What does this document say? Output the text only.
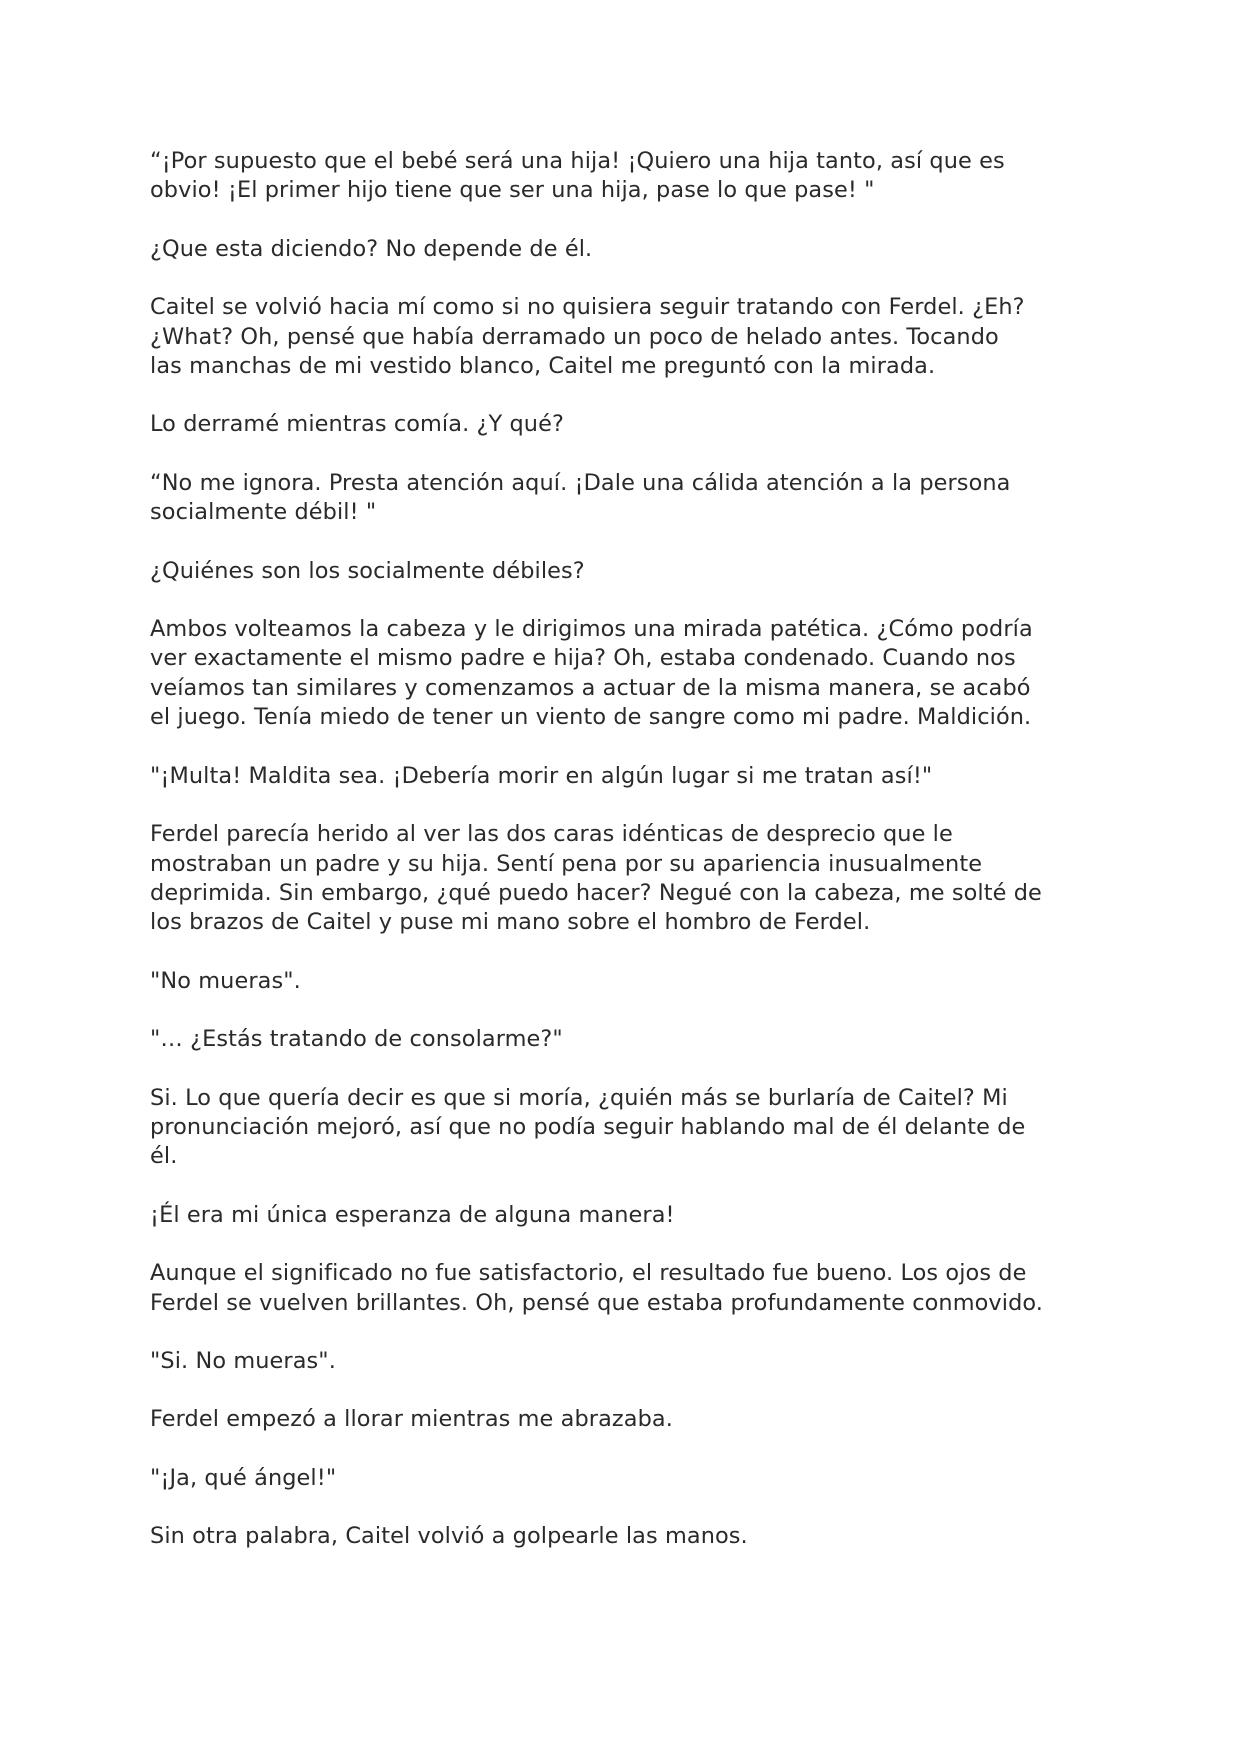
“¡Por supuesto que el bebé será una hija! ¡Quiero una hija tanto, así que es
obvio! ¡El primer hijo tiene que ser una hija, pase lo que pase! "

¿Que esta diciendo? No depende de él.

Caitel se volvió hacia mí como si no quisiera seguir tratando con Ferdel. ¿Eh?
¿What? Oh, pensé que había derramado un poco de helado antes. Tocando
las manchas de mi vestido blanco, Caitel me preguntó con la mirada.

Lo derramé mientras comía. ¿Y qué?

“No me ignora. Presta atención aquí. ¡Dale una cálida atención a la persona
socialmente débil! "

¿Quiénes son los socialmente débiles?

Ambos volteamos la cabeza y le dirigimos una mirada patética. ¿Cómo podría
ver exactamente el mismo padre e hija? Oh, estaba condenado. Cuando nos
veíamos tan similares y comenzamos a actuar de la misma manera, se acabó
el juego. Tenía miedo de tener un viento de sangre como mi padre. Maldición.

"¡Multa! Maldita sea. ¡Debería morir en algún lugar si me tratan así!"

Ferdel parecía herido al ver las dos caras idénticas de desprecio que le
mostraban un padre y su hija. Sentí pena por su apariencia inusualmente
deprimida. Sin embargo, ¿qué puedo hacer? Negué con la cabeza, me solté de
los brazos de Caitel y puse mi mano sobre el hombro de Ferdel.

"No mueras".

"… ¿Estás tratando de consolarme?"

Si. Lo que quería decir es que si moría, ¿quién más se burlaría de Caitel? Mi
pronunciación mejoró, así que no podía seguir hablando mal de él delante de
él.

¡Él era mi única esperanza de alguna manera!

Aunque el significado no fue satisfactorio, el resultado fue bueno. Los ojos de
Ferdel se vuelven brillantes. Oh, pensé que estaba profundamente conmovido.

"Si. No mueras".

Ferdel empezó a llorar mientras me abrazaba.

"¡Ja, qué ángel!"

Sin otra palabra, Caitel volvió a golpearle las manos.
